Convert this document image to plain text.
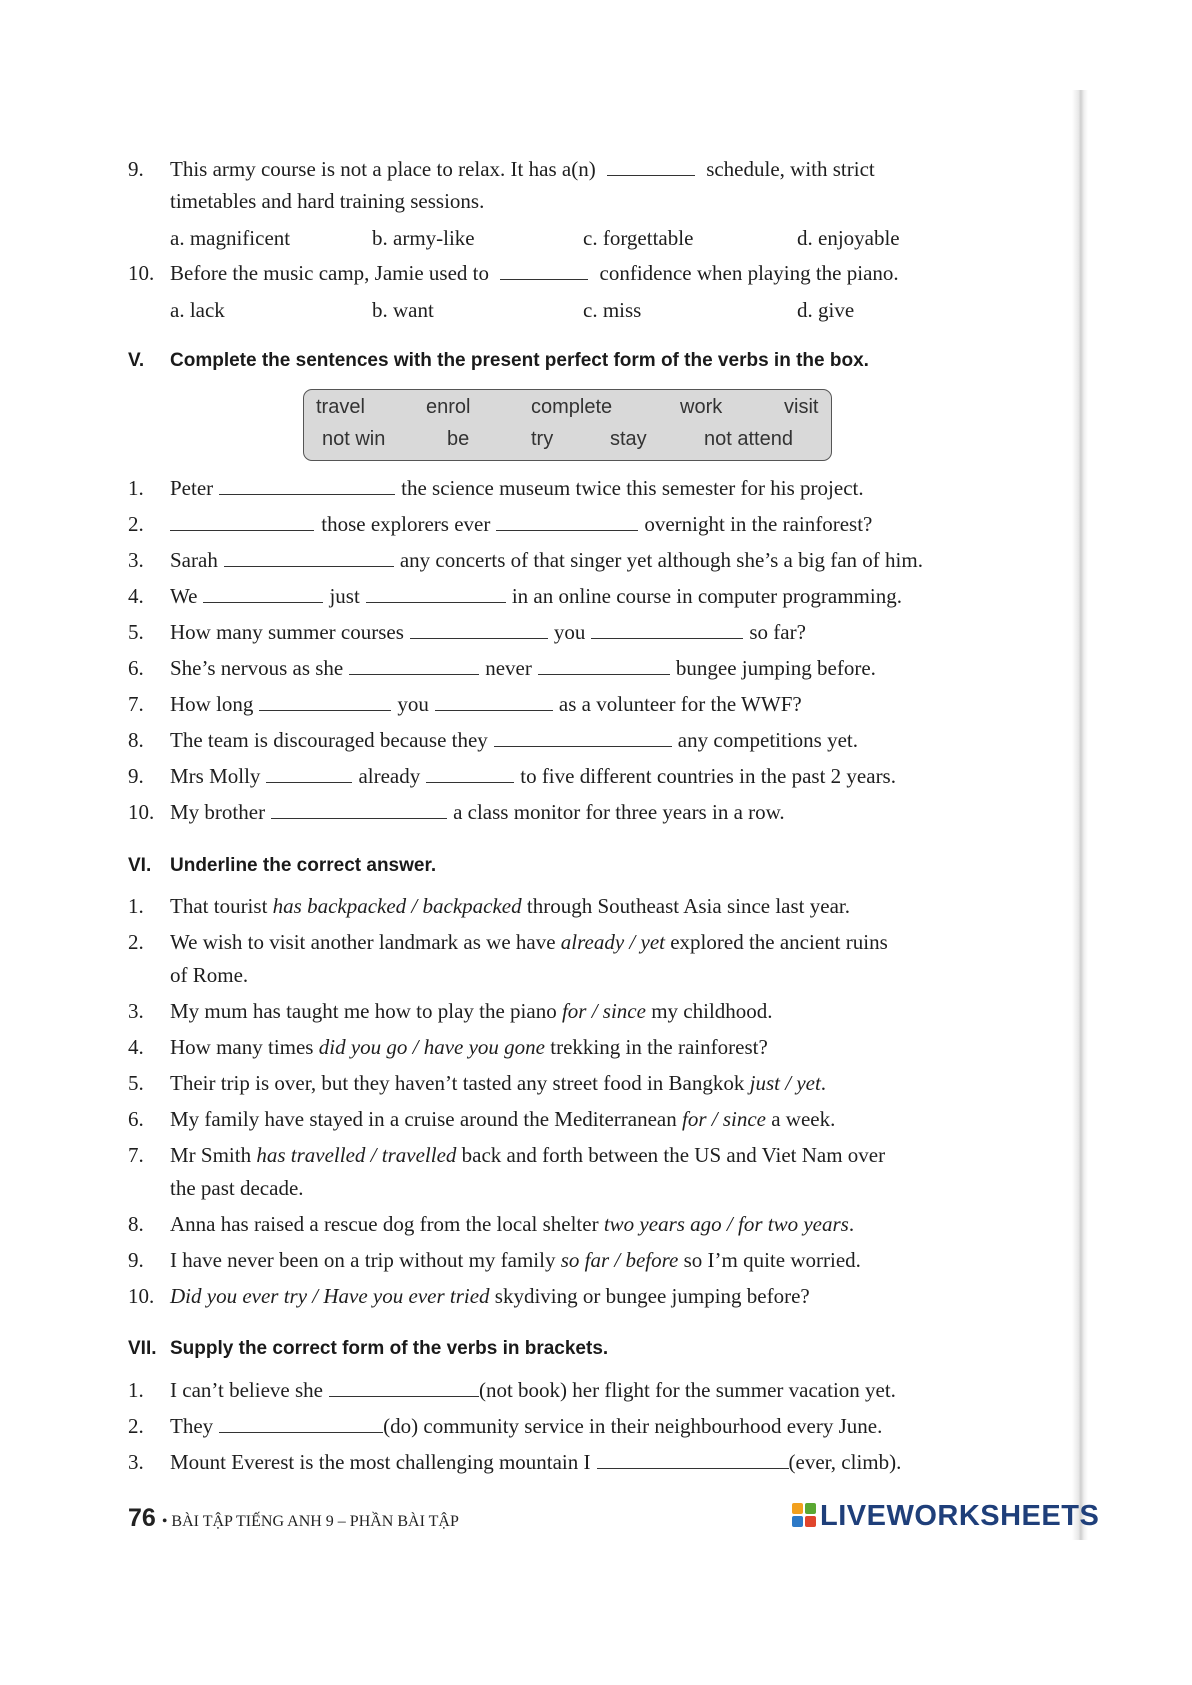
9. This army course is not a place to relax. It has a(n)	schedule, with strict
timetables and hard training sessions.
a. magnificent	b. army-like	c. forgettable	d. enjoyable
10. Before the music camp, Jamie used to	confidence when playing the piano.
a. lack	b. want	c. miss	d. give
V. Complete the sentences with the present perfect form of the verbs in the box.
travel	enrol	complete	work	visit
not win	be	try	stay	not attend
1. Peter	the science museum twice this semester for his project.
2.	those explorers ever	overnight in the rainforest?
3. Sarah	any concerts of that singer yet although she’s a big fan of him.
4. We	just	in an online course in computer programming.
5. How many summer courses	you	so far?
6. She’s nervous as she	never	bungee jumping before.
7. How long	you	as a volunteer for the WWF?
8. The team is discouraged because they	any competitions yet.
9. Mrs Molly	already	to five different countries in the past 2 years.
10. My brother	a class monitor for three years in a row.
VI. Underline the correct answer.
1. That tourist has backpacked / backpacked through Southeast Asia since last year.
2. We wish to visit another landmark as we have already / yet explored the ancient ruins
of Rome.
3. My mum has taught me how to play the piano for / since my childhood.
4. How many times did you go / have you gone trekking in the rainforest?
5. Their trip is over, but they haven’t tasted any street food in Bangkok just / yet.
6. My family have stayed in a cruise around the Mediterranean for / since a week.
7. Mr Smith has travelled / travelled back and forth between the US and Viet Nam over
the past decade.
8. Anna has raised a rescue dog from the local shelter two years ago / for two years.
9. I have never been on a trip without my family so far / before so I’m quite worried.
10. Did you ever try / Have you ever tried skydiving or bungee jumping before?
VII. Supply the correct form of the verbs in brackets.
1. I can’t believe she	(not book) her flight for the summer vacation yet.
2. They	(do) community service in their neighbourhood every June.
3. Mount Everest is the most challenging mountain I	(ever, climb).
76 • BÀI TẬP TIẾNG ANH 9 – PHẦN BÀI TẬP	LIVEWORKSHEETS
